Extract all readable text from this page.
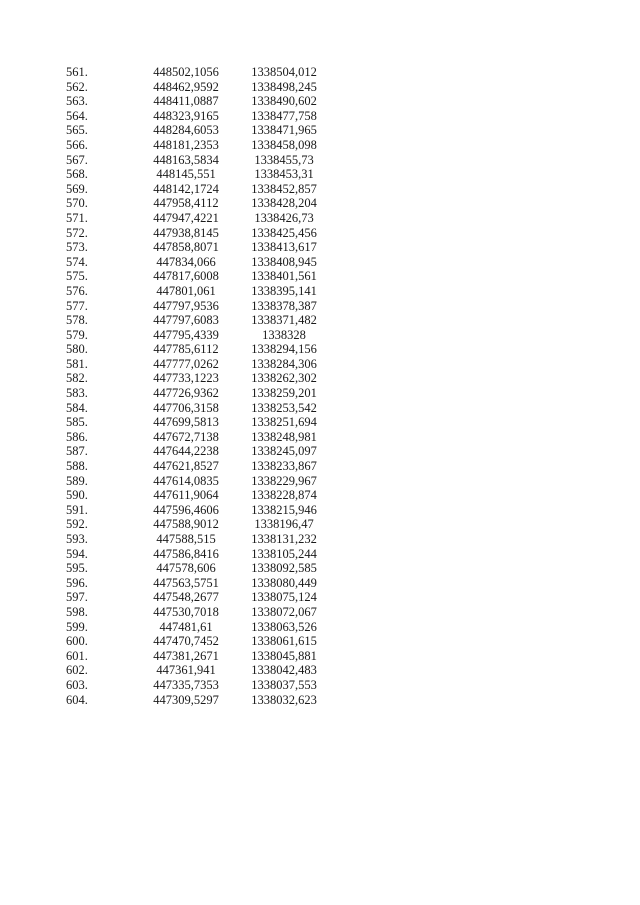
561.	448502,1056	1338504,012
562.	448462,9592	1338498,245
563.	448411,0887	1338490,602
564.	448323,9165	1338477,758
565.	448284,6053	1338471,965
566.	448181,2353	1338458,098
567.	448163,5834	1338455,73
568.	448145,551	1338453,31
569.	448142,1724	1338452,857
570.	447958,4112	1338428,204
571.	447947,4221	1338426,73
572.	447938,8145	1338425,456
573.	447858,8071	1338413,617
574.	447834,066	1338408,945
575.	447817,6008	1338401,561
576.	447801,061	1338395,141
577.	447797,9536	1338378,387
578.	447797,6083	1338371,482
579.	447795,4339	1338328
580.	447785,6112	1338294,156
581.	447777,0262	1338284,306
582.	447733,1223	1338262,302
583.	447726,9362	1338259,201
584.	447706,3158	1338253,542
585.	447699,5813	1338251,694
586.	447672,7138	1338248,981
587.	447644,2238	1338245,097
588.	447621,8527	1338233,867
589.	447614,0835	1338229,967
590.	447611,9064	1338228,874
591.	447596,4606	1338215,946
592.	447588,9012	1338196,47
593.	447588,515	1338131,232
594.	447586,8416	1338105,244
595.	447578,606	1338092,585
596.	447563,5751	1338080,449
597.	447548,2677	1338075,124
598.	447530,7018	1338072,067
599.	447481,61	1338063,526
600.	447470,7452	1338061,615
601.	447381,2671	1338045,881
602.	447361,941	1338042,483
603.	447335,7353	1338037,553
604.	447309,5297	1338032,623
